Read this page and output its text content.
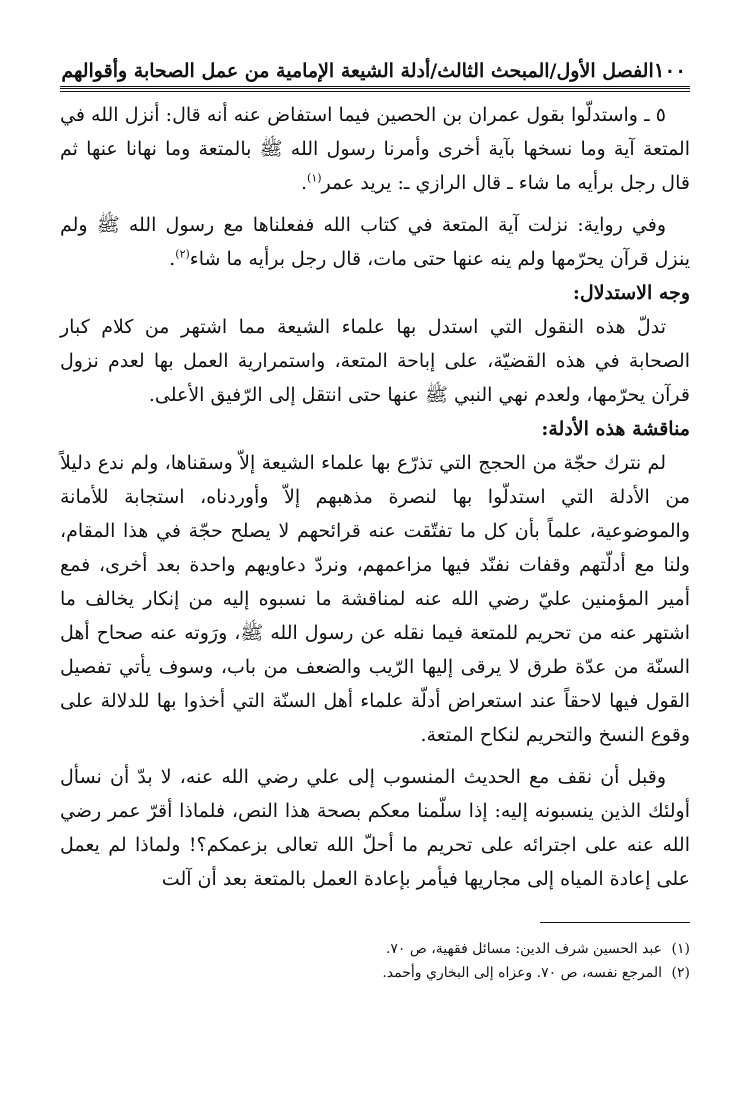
١٠٠
الفصل الأول/المبحث الثالث/أدلة الشيعة الإمامية من عمل الصحابة وأقوالهم

٥ ـ واستدلّوا بقول عمران بن الحصين فيما استفاض عنه أنه قال: أنزل الله في المتعة آية وما نسخها بآية أخرى وأمرنا رسول الله ﷺ بالمتعة وما نهانا عنها ثم قال رجل برأيه ما شاء ـ قال الرازي ـ: يريد عمر$^{(١)}$.

وفي رواية: نزلت آية المتعة في كتاب الله ففعلناها مع رسول الله ﷺ ولم ينزل قرآن يحرّمها ولم ينه عنها حتى مات، قال رجل برأيه ما شاء$^{(٢)}$.

وجه الاستدلال:

تدلّ هذه النقول التي استدل بها علماء الشيعة مما اشتهر من كلام كبار الصحابة في هذه القضيّة، على إباحة المتعة، واستمرارية العمل بها لعدم نزول قرآن يحرّمها، ولعدم نهي النبي ﷺ عنها حتى انتقل إلى الرّفيق الأعلى.

مناقشة هذه الأدلة:

لم نترك حجّة من الحجج التي تذرّع بها علماء الشيعة إلاّ وسقناها، ولم ندع دليلاً من الأدلة التي استدلّوا بها لنصرة مذهبهم إلاّ وأوردناه، استجابة للأمانة والموضوعية، علماً بأن كل ما تفتّقت عنه قرائحهم لا يصلح حجّة في هذا المقام، ولنا مع أدلّتهم وقفات نفنّد فيها مزاعمهم، ونردّ دعاويهم واحدة بعد أخرى، فمع أمير المؤمنين عليّ رضي الله عنه لمناقشة ما نسبوه إليه من إنكار يخالف ما اشتهر عنه من تحريم للمتعة فيما نقله عن رسول الله ﷺ، ورَوته عنه صحاح أهل السنّة من عدّة طرق لا يرقى إليها الرّيب والضعف من باب، وسوف يأتي تفصيل القول فيها لاحقاً عند استعراض أدلّة علماء أهل السنّة التي أخذوا بها للدلالة على وقوع النسخ والتحريم لنكاح المتعة.

وقبل أن نقف مع الحديث المنسوب إلى علي رضي الله عنه، لا بدّ أن نسأل أولئك الذين ينسبونه إليه: إذا سلّمنا معكم بصحة هذا النص، فلماذا أقرّ عمر رضي الله عنه على اجترائه على تحريم ما أحلّ الله تعالى بزعمكم؟! ولماذا لم يعمل على إعادة المياه إلى مجاريها فيأمر بإعادة العمل بالمتعة بعد أن آلت

(١)
عبد الحسين شرف الدين: مسائل فقهية، ص ٧٠.
(٢)
المرجع نفسه، ص ٧٠. وعزاه إلى البخاري وأحمد.
